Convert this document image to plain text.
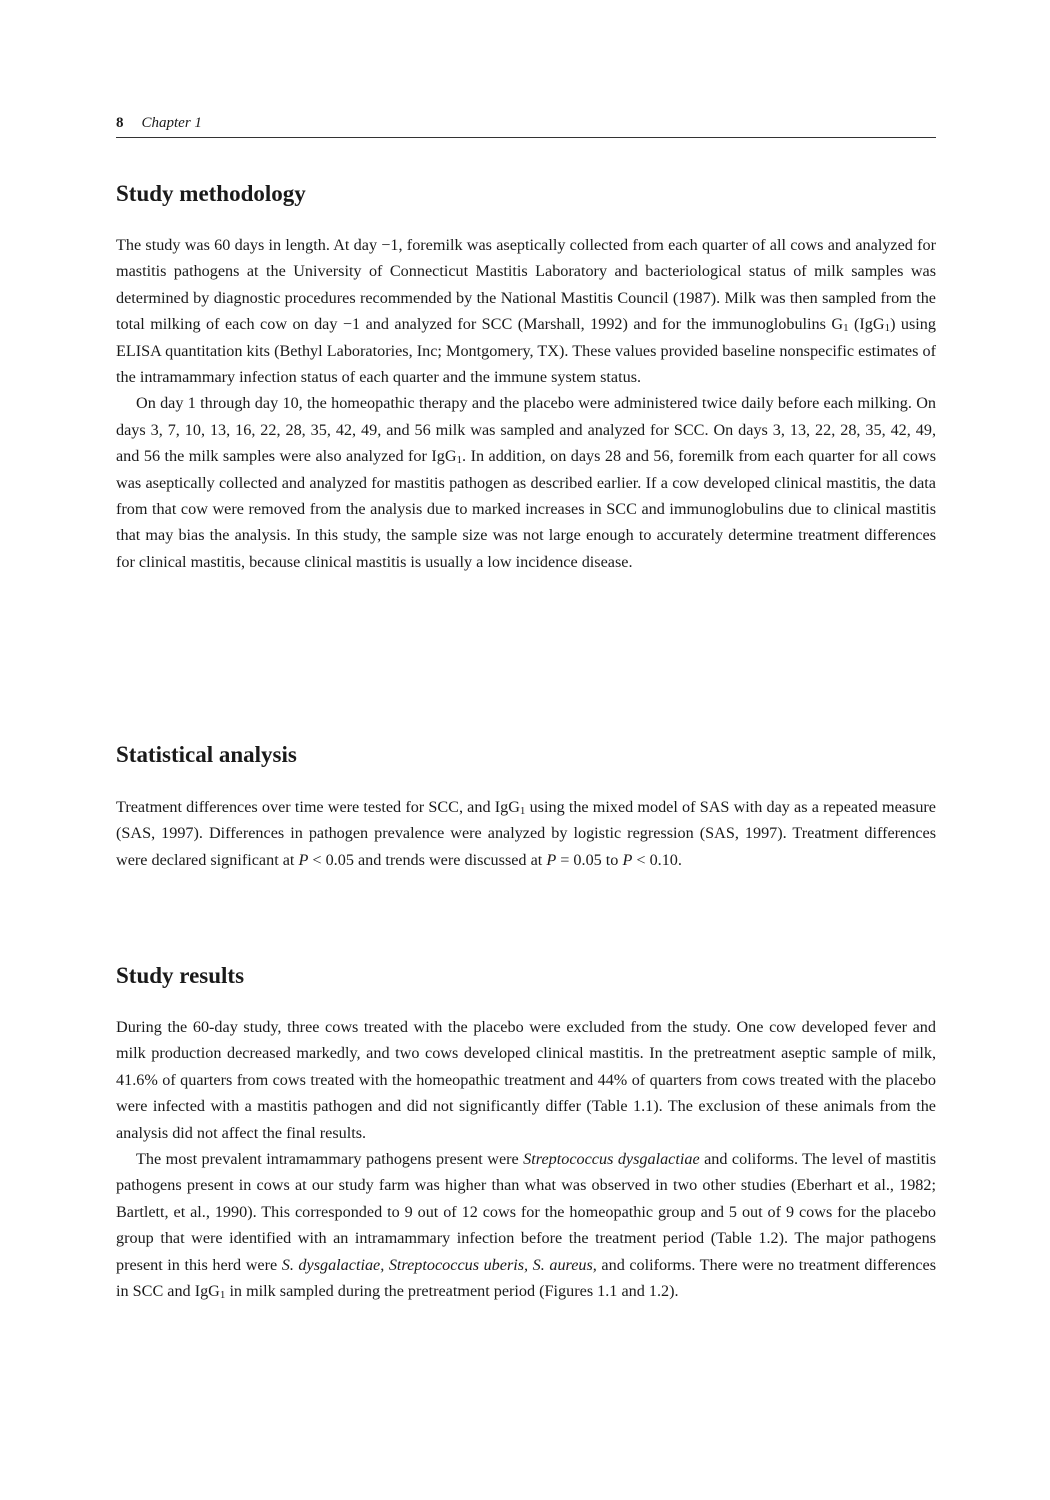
8 Chapter 1
Study methodology

The study was 60 days in length. At day −1, foremilk was aseptically collected from each quarter of all cows and analyzed for mastitis pathogens at the University of Connecticut Mastitis Laboratory and bacteriological status of milk samples was determined by diagnostic procedures recommended by the National Mastitis Council (1987). Milk was then sampled from the total milking of each cow on day −1 and analyzed for SCC (Marshall, 1992) and for the immunoglobulins $G_1$ (IgG$_1$) using ELISA quantitation kits (Bethyl Laboratories, Inc; Montgomery, TX). These values provided baseline nonspecific estimates of the intramammary infection status of each quarter and the immune system status.

On day 1 through day 10, the homeopathic therapy and the placebo were administered twice daily before each milking. On days 3, 7, 10, 13, 16, 22, 28, 35, 42, 49, and 56 milk was sampled and analyzed for SCC. On days 3, 13, 22, 28, 35, 42, 49, and 56 the milk samples were also analyzed for IgG$_1$. In addition, on days 28 and 56, foremilk from each quarter for all cows was aseptically collected and analyzed for mastitis pathogen as described earlier. If a cow developed clinical mastitis, the data from that cow were removed from the analysis due to marked increases in SCC and immunoglobulins due to clinical mastitis that may bias the analysis. In this study, the sample size was not large enough to accurately determine treatment differences for clinical mastitis, because clinical mastitis is usually a low incidence disease.

Statistical analysis

Treatment differences over time were tested for SCC, and IgG$_1$ using the mixed model of SAS with day as a repeated measure (SAS, 1997). Differences in pathogen prevalence were analyzed by logistic regression (SAS, 1997). Treatment differences were declared significant at P < 0.05 and trends were discussed at P = 0.05 to P < 0.10.

Study results

During the 60-day study, three cows treated with the placebo were excluded from the study. One cow developed fever and milk production decreased markedly, and two cows developed clinical mastitis. In the pretreatment aseptic sample of milk, 41.6% of quarters from cows treated with the homeopathic treatment and 44% of quarters from cows treated with the placebo were infected with a mastitis pathogen and did not significantly differ (Table 1.1). The exclusion of these animals from the analysis did not affect the final results.

The most prevalent intramammary pathogens present were Streptococcus dysgalactiae and coliforms. The level of mastitis pathogens present in cows at our study farm was higher than what was observed in two other studies (Eberhart et al., 1982; Bartlett, et al., 1990). This corresponded to 9 out of 12 cows for the homeopathic group and 5 out of 9 cows for the placebo group that were identified with an intramammary infection before the treatment period (Table 1.2). The major pathogens present in this herd were S. dysgalactiae, Streptococcus uberis, S. aureus, and coliforms. There were no treatment differences in SCC and IgG$_1$ in milk sampled during the pretreatment period (Figures 1.1 and 1.2).
